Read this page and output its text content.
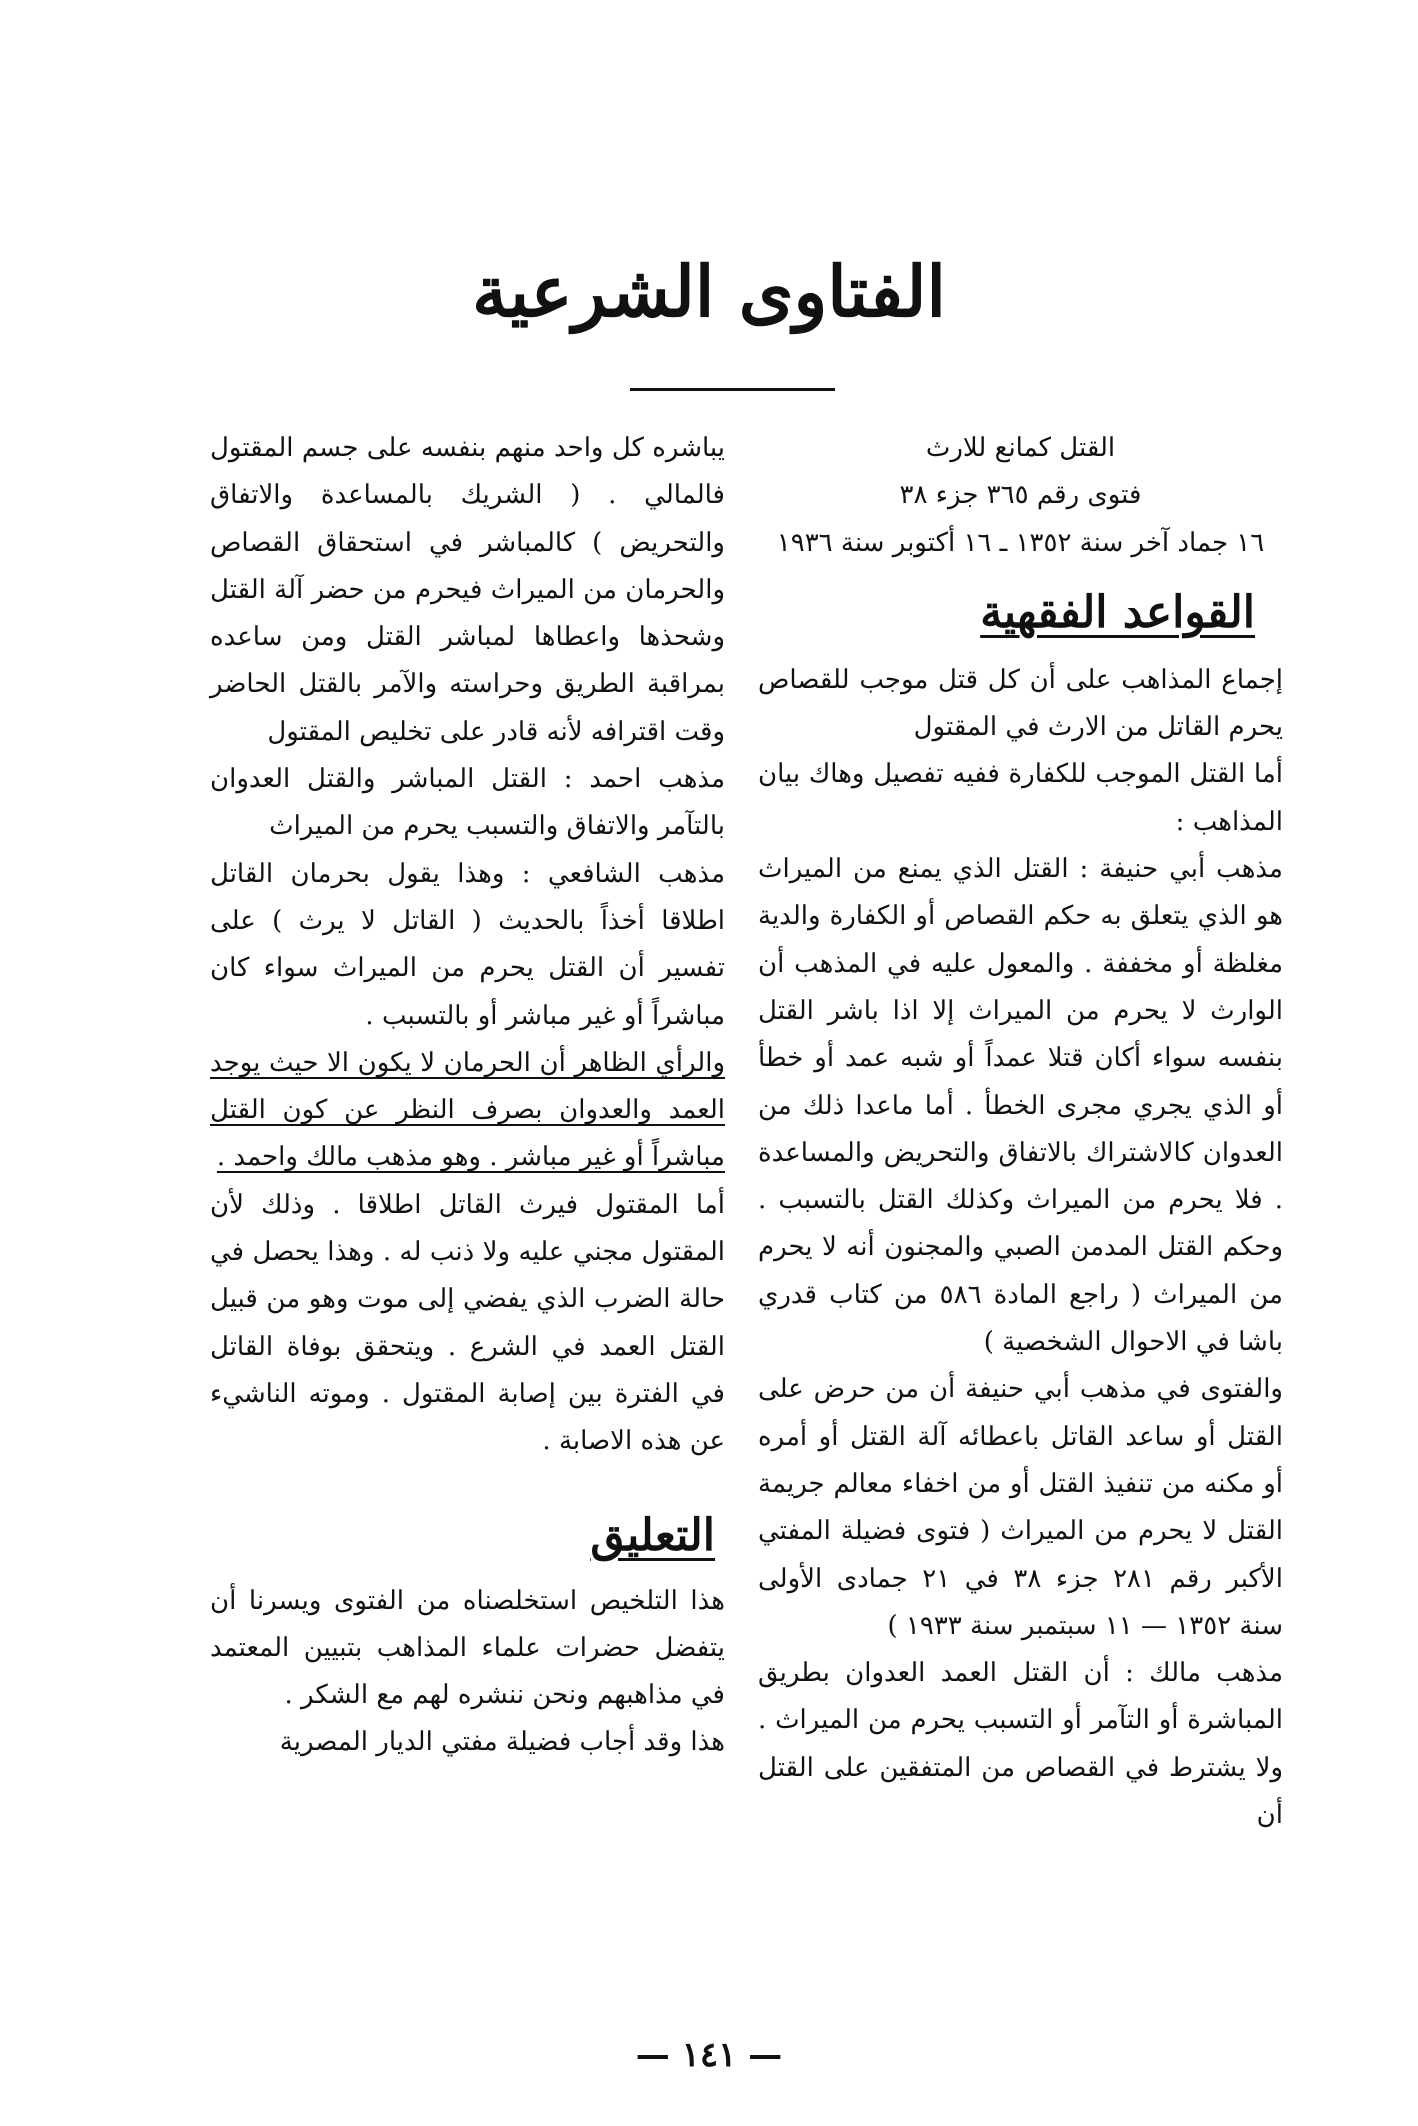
الفتاوى الشرعية

القتل كمانع للارث

فتوى رقم ٣٦٥ جزء ٣٨

١٦ جماد آخر سنة ١٣٥٢ ـ ١٦ أكتوبر سنة ١٩٣٦

القواعد الفقهية

إجماع المذاهب على أن كل قتل موجب للقصاص يحرم القاتل من الارث في المقتول

أما القتل الموجب للكفارة ففيه تفصيل وهاك بيان المذاهب :

مذهب أبي حنيفة : القتل الذي يمنع من الميراث هو الذي يتعلق به حكم القصاص أو الكفارة والدية مغلظة أو مخففة . والمعول عليه في المذهب أن الوارث لا يحرم من الميراث إلا اذا باشر القتل بنفسه سواء أكان قتلا عمداً أو شبه عمد أو خطأ أو الذي يجري مجرى الخطأ . أما ماعدا ذلك من العدوان كالاشتراك بالاتفاق والتحريض والمساعدة . فلا يحرم من الميراث وكذلك القتل بالتسبب . وحكم القتل المدمن الصبي والمجنون أنه لا يحرم من الميراث ( راجع المادة ٥٨٦ من كتاب قدري باشا في الاحوال الشخصية )

والفتوى في مذهب أبي حنيفة أن من حرض على القتل أو ساعد القاتل باعطائه آلة القتل أو أمره أو مكنه من تنفيذ القتل أو من اخفاء معالم جريمة القتل لا يحرم من الميراث ( فتوى فضيلة المفتي الأكبر رقم ٢٨١ جزء ٣٨ في ٢١ جمادى الأولى سنة ١٣٥٢ — ١١ سبتمبر سنة ١٩٣٣ )

مذهب مالك : أن القتل العمد العدوان بطريق المباشرة أو التآمر أو التسبب يحرم من الميراث . ولا يشترط في القصاص من المتفقين على القتل أن

يباشره كل واحد منهم بنفسه على جسم المقتول فالمالي . ( الشريك بالمساعدة والاتفاق والتحريض ) كالمباشر في استحقاق القصاص والحرمان من الميراث فيحرم من حضر آلة القتل وشحذها واعطاها لمباشر القتل ومن ساعده بمراقبة الطريق وحراسته والآمر بالقتل الحاضر وقت اقترافه لأنه قادر على تخليص المقتول

مذهب احمد : القتل المباشر والقتل العدوان بالتآمر والاتفاق والتسبب يحرم من الميراث

مذهب الشافعي : وهذا يقول بحرمان القاتل اطلاقا أخذاً بالحديث ( القاتل لا يرث ) على تفسير أن القتل يحرم من الميراث سواء كان مباشراً أو غير مباشر أو بالتسبب .

والرأي الظاهر أن الحرمان لا يكون الا حيث يوجد العمد والعدوان بصرف النظر عن كون القتل مباشراً أو غير مباشر . وهو مذهب مالك واحمد .

أما المقتول فيرث القاتل اطلاقا . وذلك لأن المقتول مجني عليه ولا ذنب له . وهذا يحصل في حالة الضرب الذي يفضي إلى موت وهو من قبيل القتل العمد في الشرع . ويتحقق بوفاة القاتل في الفترة بين إصابة المقتول . وموته الناشيء عن هذه الاصابة .

التعليق

هذا التلخيص استخلصناه من الفتوى ويسرنا أن يتفضل حضرات علماء المذاهب بتبيين المعتمد في مذاهبهم ونحن ننشره لهم مع الشكر .

هذا وقد أجاب فضيلة مفتي الديار المصرية

— ١٤١ —
